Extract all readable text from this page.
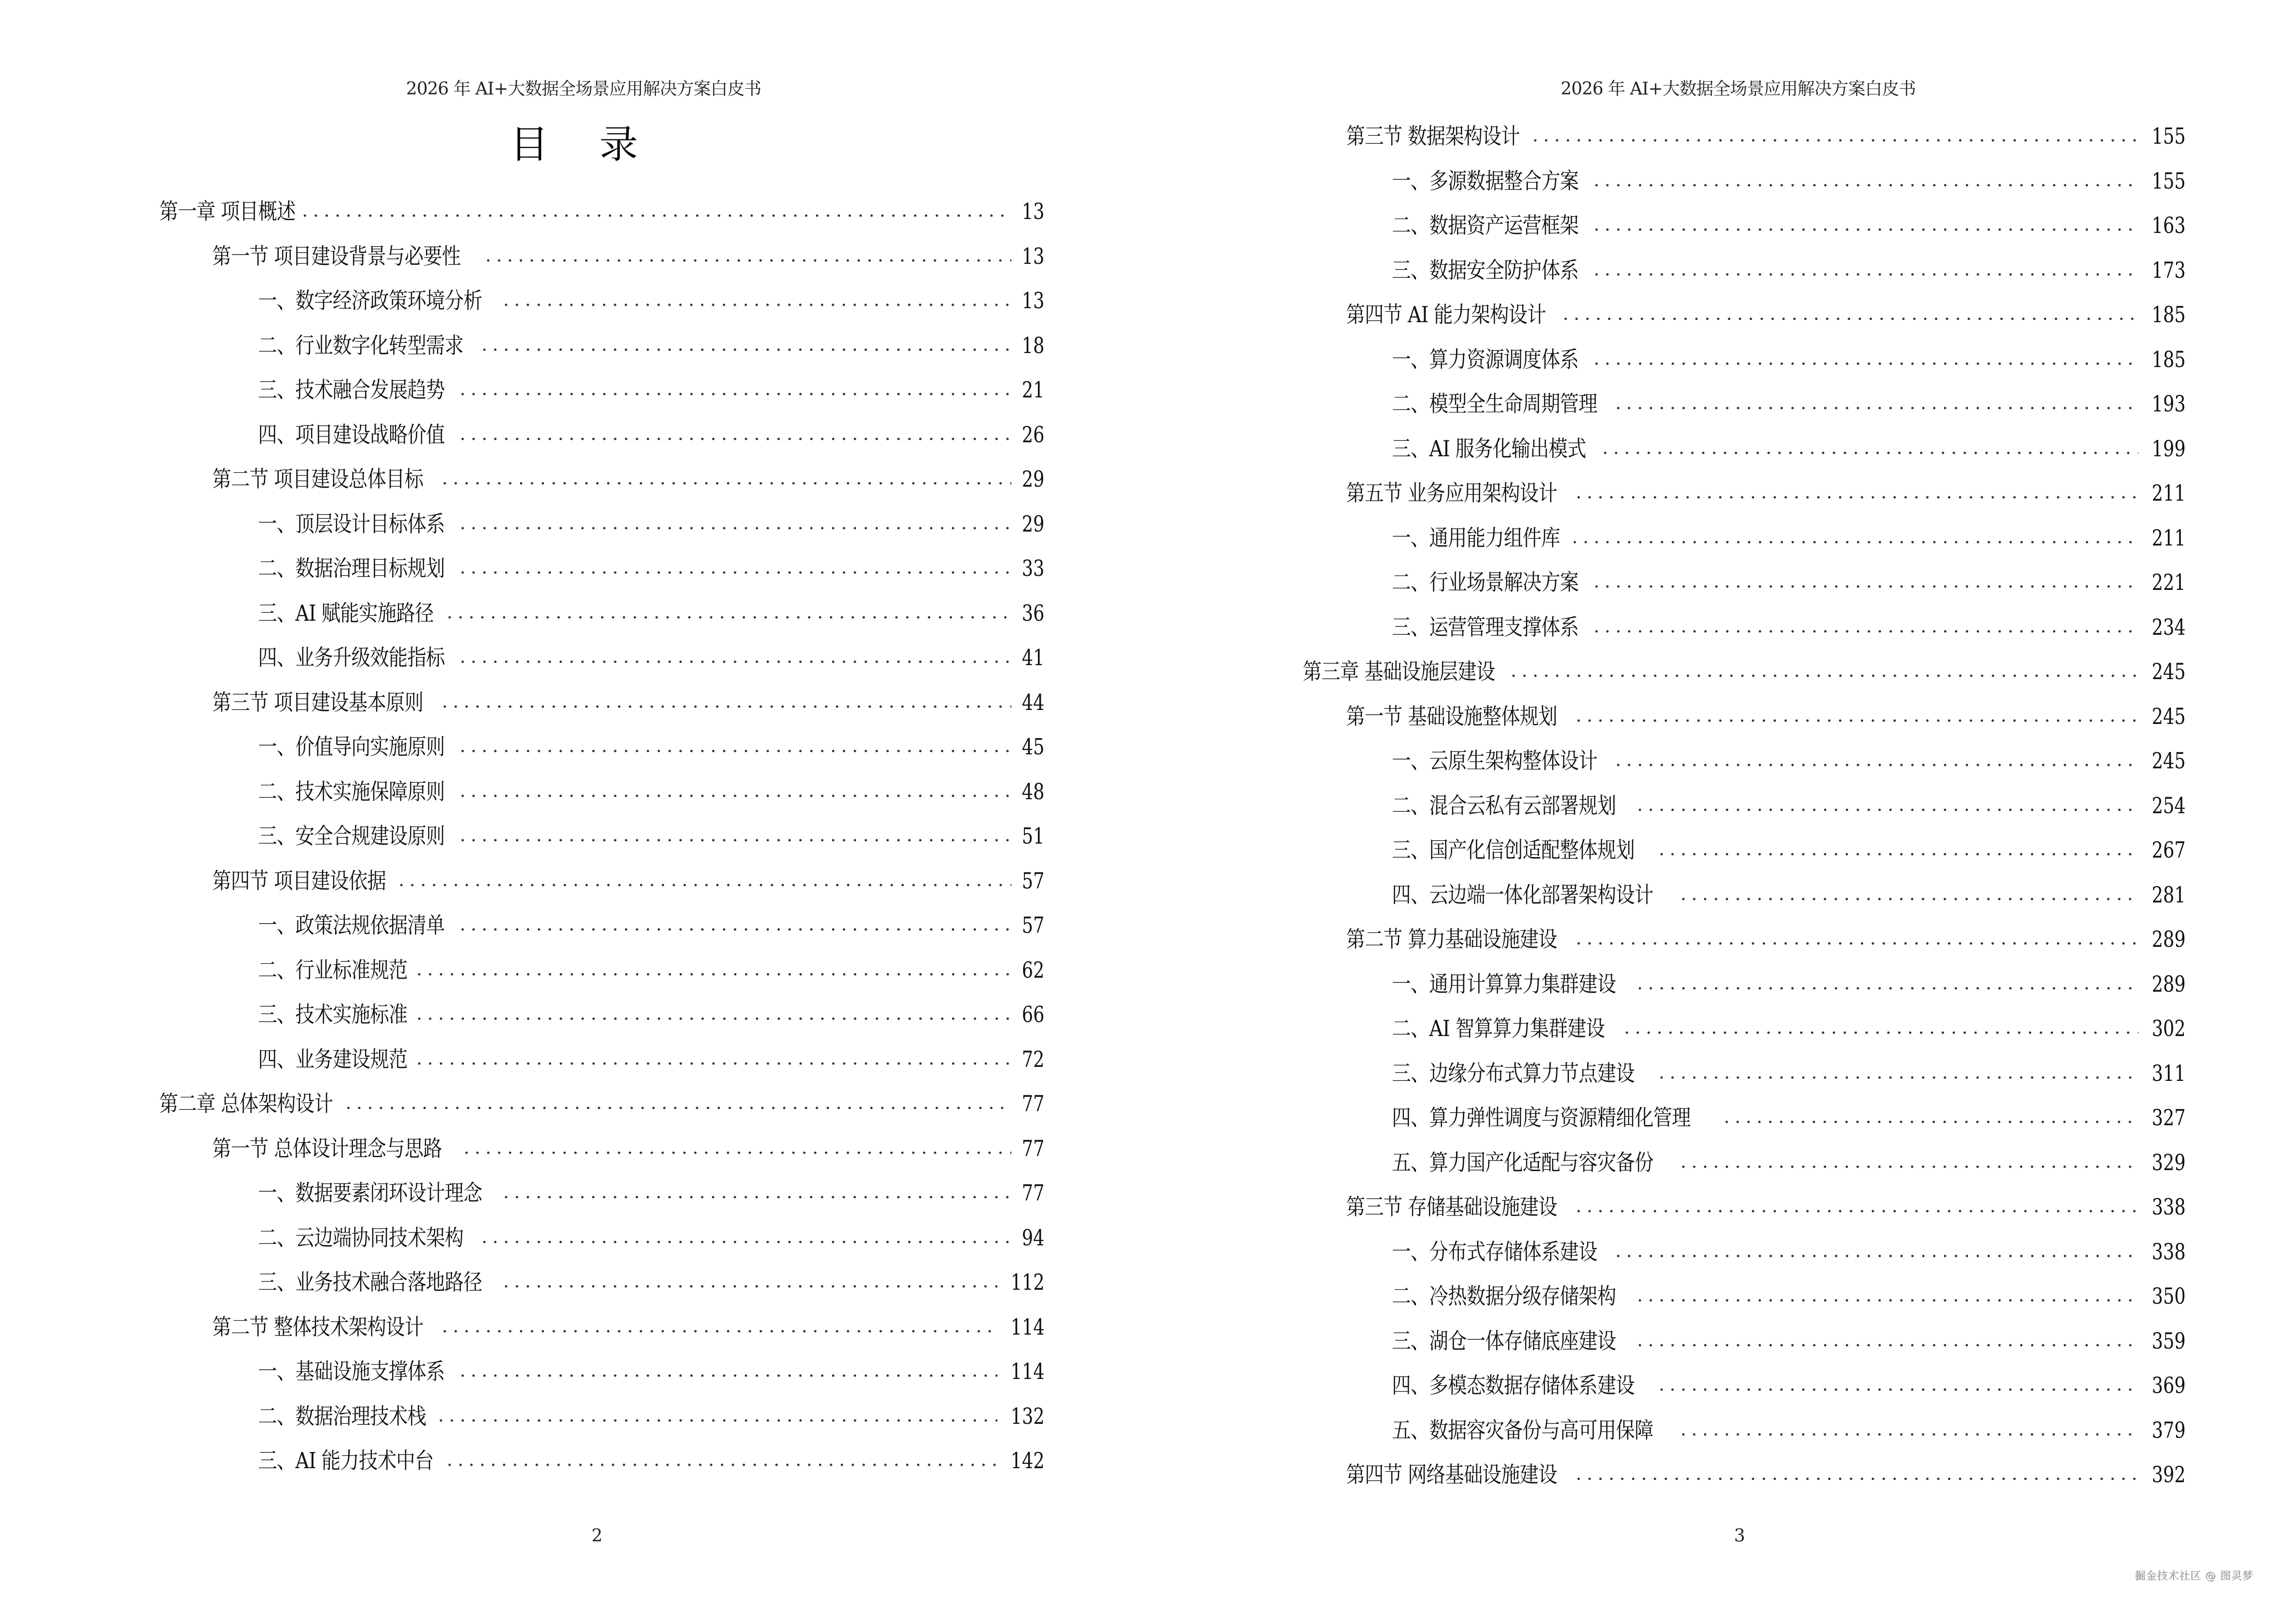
2026 年 AI+大数据全场景应用解决方案白皮书
目 录
第一章 项目概述	13
第一节 项目建设背景与必要性	13
一、数字经济政策环境分析	13
二、行业数字化转型需求	18
三、技术融合发展趋势	21
四、项目建设战略价值	26
第二节 项目建设总体目标	29
一、顶层设计目标体系	29
二、数据治理目标规划	33
三、AI 赋能实施路径	36
四、业务升级效能指标	41
第三节 项目建设基本原则	44
一、价值导向实施原则	45
二、技术实施保障原则	48
三、安全合规建设原则	51
第四节 项目建设依据	57
一、政策法规依据清单	57
二、行业标准规范	62
三、技术实施标准	66
四、业务建设规范	72
第二章 总体架构设计	77
第一节 总体设计理念与思路	77
一、数据要素闭环设计理念	77
二、云边端协同技术架构	94
三、业务技术融合落地路径	112
第二节 整体技术架构设计	114
一、基础设施支撑体系	114
二、数据治理技术栈	132
三、AI 能力技术中台	142
2
2026 年 AI+大数据全场景应用解决方案白皮书
第三节 数据架构设计	155
一、多源数据整合方案	155
二、数据资产运营框架	163
三、数据安全防护体系	173
第四节 AI 能力架构设计	185
一、算力资源调度体系	185
二、模型全生命周期管理	193
三、AI 服务化输出模式	199
第五节 业务应用架构设计	211
一、通用能力组件库	211
二、行业场景解决方案	221
三、运营管理支撑体系	234
第三章 基础设施层建设	245
第一节 基础设施整体规划	245
一、云原生架构整体设计	245
二、混合云私有云部署规划	254
三、国产化信创适配整体规划	267
四、云边端一体化部署架构设计	281
第二节 算力基础设施建设	289
一、通用计算算力集群建设	289
二、AI 智算算力集群建设	302
三、边缘分布式算力节点建设	311
四、算力弹性调度与资源精细化管理	327
五、算力国产化适配与容灾备份	329
第三节 存储基础设施建设	338
一、分布式存储体系建设	338
二、冷热数据分级存储架构	350
三、湖仓一体存储底座建设	359
四、多模态数据存储体系建设	369
五、数据容灾备份与高可用保障	379
第四节 网络基础设施建设	392
3
掘金技术社区 @ 图灵梦
